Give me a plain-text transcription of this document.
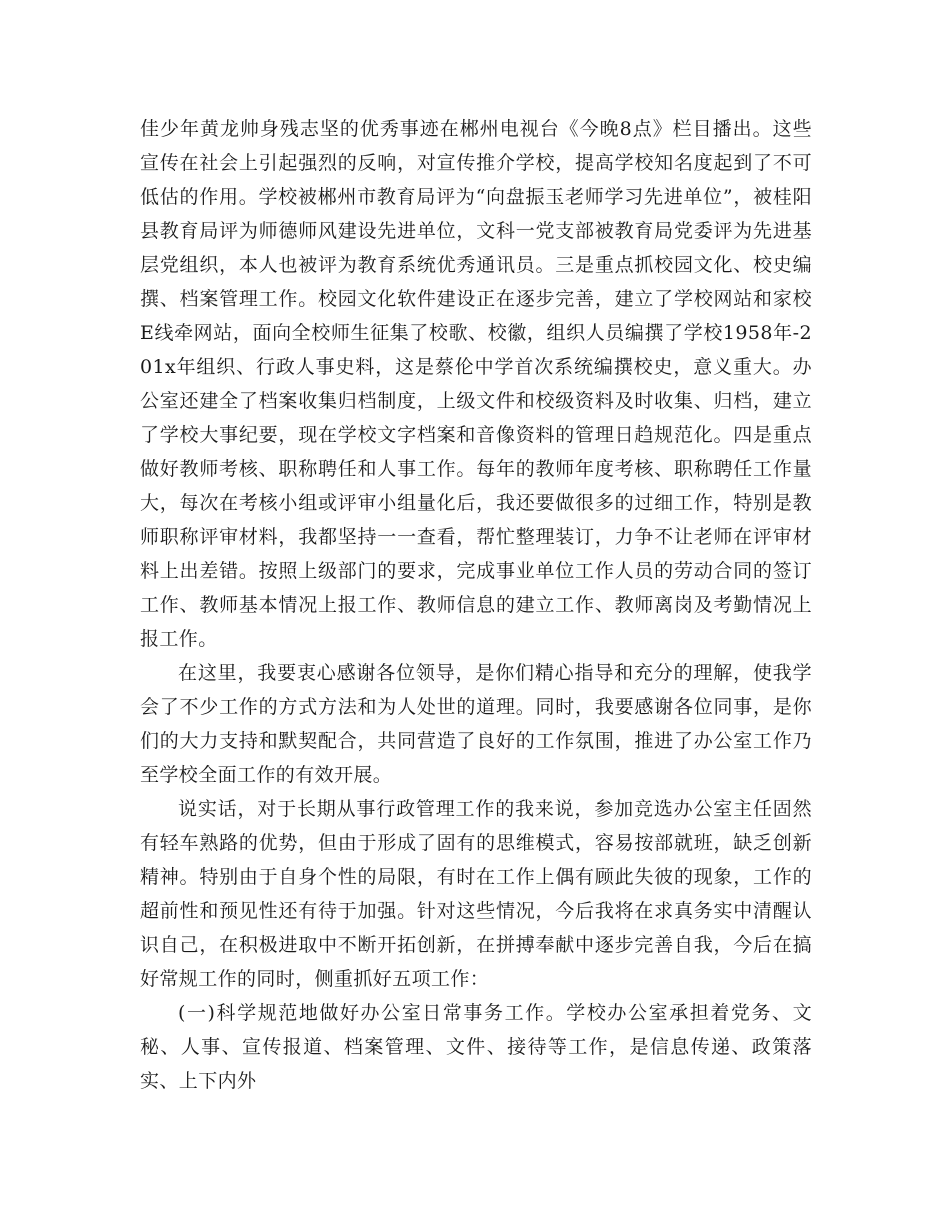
佳少年黄龙帅身残志坚的优秀事迹在郴州电视台《今晚8点》栏目播出。这些宣传在社会上引起强烈的反响，对宣传推介学校，提高学校知名度起到了不可低估的作用。学校被郴州市教育局评为“向盘振玉老师学习先进单位”，被桂阳县教育局评为师德师风建设先进单位，文科一党支部被教育局党委评为先进基层党组织，本人也被评为教育系统优秀通讯员。三是重点抓校园文化、校史编撰、档案管理工作。校园文化软件建设正在逐步完善，建立了学校网站和家校E线牵网站，面向全校师生征集了校歌、校徽，组织人员编撰了学校1958年-201x年组织、行政人事史料，这是蔡伦中学首次系统编撰校史，意义重大。办公室还建全了档案收集归档制度，上级文件和校级资料及时收集、归档，建立了学校大事纪要，现在学校文字档案和音像资料的管理日趋规范化。四是重点做好教师考核、职称聘任和人事工作。每年的教师年度考核、职称聘任工作量大，每次在考核小组或评审小组量化后，我还要做很多的过细工作，特别是教师职称评审材料，我都坚持一一查看，帮忙整理装订，力争不让老师在评审材料上出差错。按照上级部门的要求，完成事业单位工作人员的劳动合同的签订工作、教师基本情况上报工作、教师信息的建立工作、教师离岗及考勤情况上报工作。

在这里，我要衷心感谢各位领导，是你们精心指导和充分的理解，使我学会了不少工作的方式方法和为人处世的道理。同时，我要感谢各位同事，是你们的大力支持和默契配合，共同营造了良好的工作氛围，推进了办公室工作乃至学校全面工作的有效开展。

说实话，对于长期从事行政管理工作的我来说，参加竞选办公室主任固然有轻车熟路的优势，但由于形成了固有的思维模式，容易按部就班，缺乏创新精神。特别由于自身个性的局限，有时在工作上偶有顾此失彼的现象，工作的超前性和预见性还有待于加强。针对这些情况，今后我将在求真务实中清醒认识自己，在积极进取中不断开拓创新，在拼搏奉献中逐步完善自我，今后在搞好常规工作的同时，侧重抓好五项工作：

(一)科学规范地做好办公室日常事务工作。学校办公室承担着党务、文秘、人事、宣传报道、档案管理、文件、接待等工作，是信息传递、政策落实、上下内外
